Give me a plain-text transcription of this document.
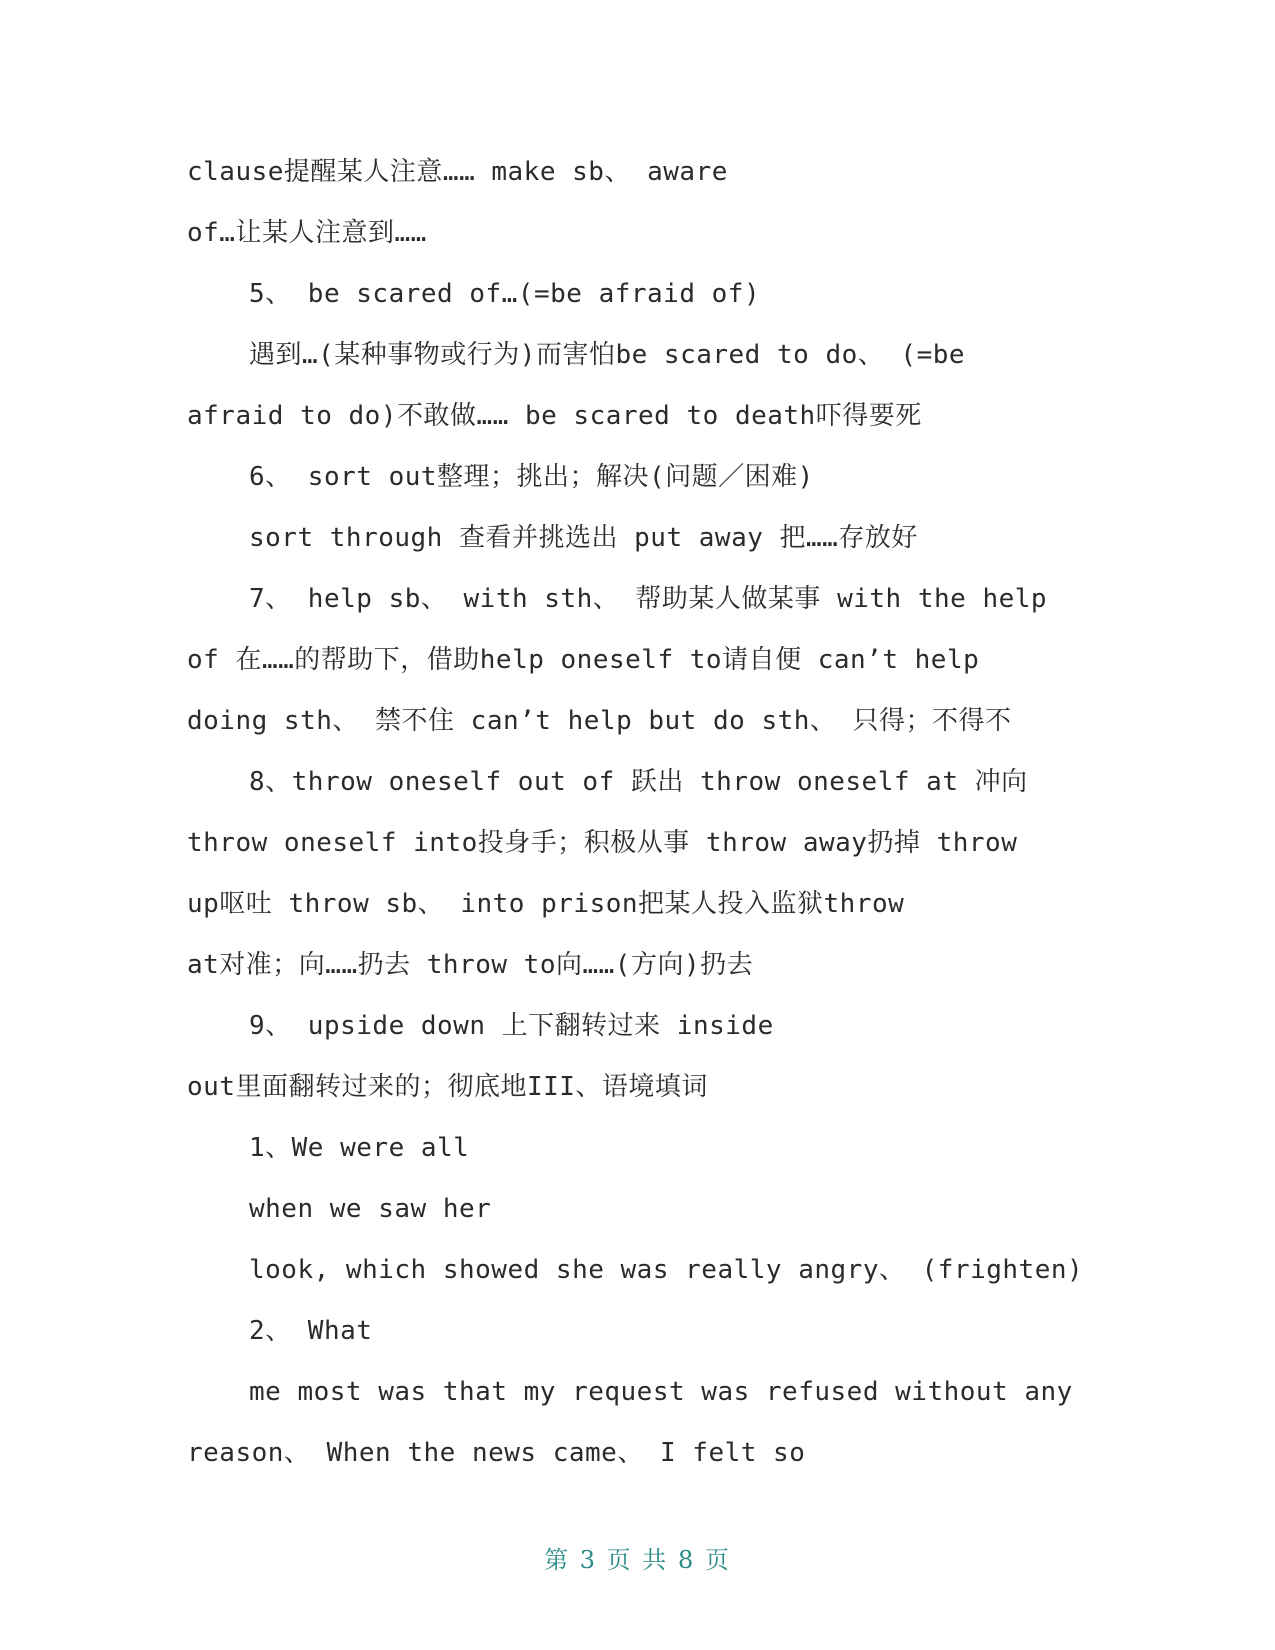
clause提醒某人注意…… make sb、 aware
of…让某人注意到……
5、 be scared of…(=be afraid of)
遇到…(某种事物或行为)而害怕be scared to do、 (=be
afraid to do)不敢做…… be scared to death吓得要死
6、 sort out整理；挑出；解决(问题／困难)
sort through 查看并挑选出 put away 把……存放好
7、 help sb、 with sth、 帮助某人做某事 with the help
of 在……的帮助下，借助help oneself to请自便 can’t help
doing sth、 禁不住 can’t help but do sth、 只得；不得不
8、throw oneself out of 跃出 throw oneself at 冲向
throw oneself into投身手；积极从事 throw away扔掉 throw
up呕吐 throw sb、 into prison把某人投入监狱throw
at对准；向……扔去 throw to向……(方向)扔去
9、 upside down 上下翻转过来 inside
out里面翻转过来的；彻底地III、语境填词
1、We were all
when we saw her
look, which showed she was really angry、 (frighten)
2、 What
me most was that my request was refused without any
reason、 When the news came、 I felt so
第 3 页 共 8 页
